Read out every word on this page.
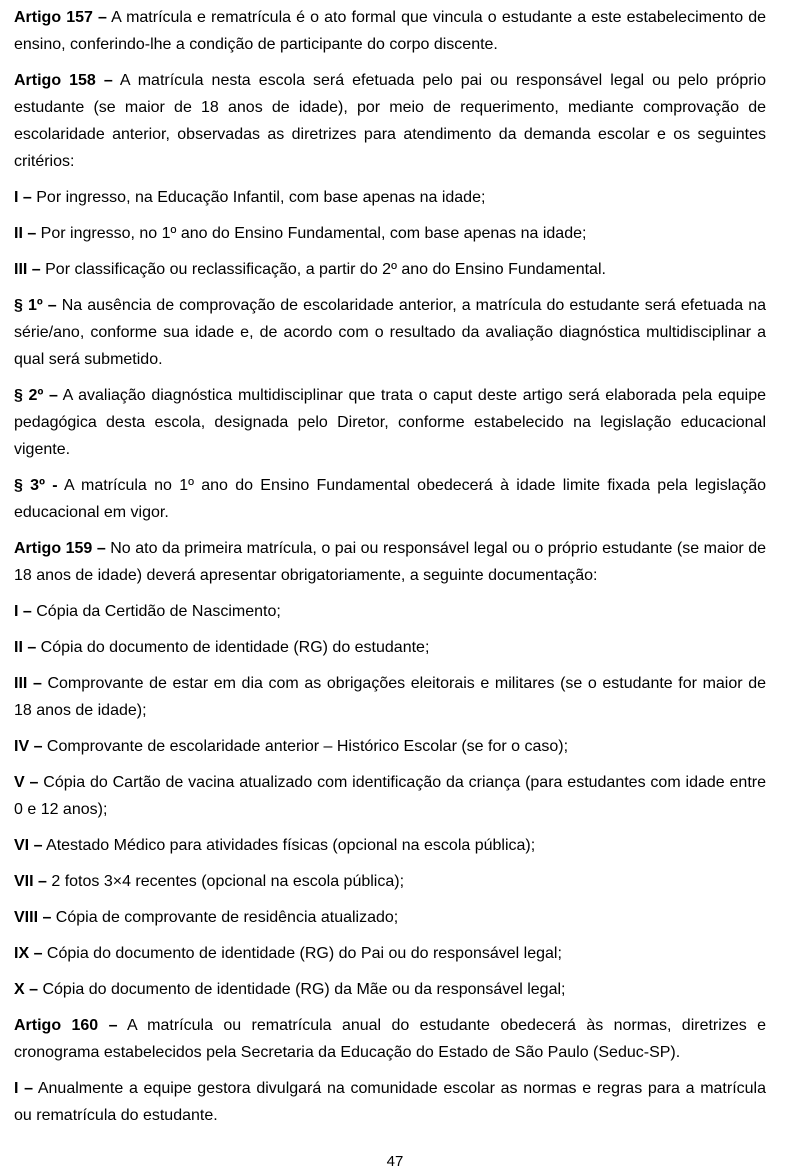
Artigo 157 – A matrícula e rematrícula é o ato formal que vincula o estudante a este estabelecimento de ensino, conferindo-lhe a condição de participante do corpo discente.

Artigo 158 – A matrícula nesta escola será efetuada pelo pai ou responsável legal ou pelo próprio estudante (se maior de 18 anos de idade), por meio de requerimento, mediante comprovação de escolaridade anterior, observadas as diretrizes para atendimento da demanda escolar e os seguintes critérios:

I – Por ingresso, na Educação Infantil, com base apenas na idade;

II – Por ingresso, no 1º ano do Ensino Fundamental, com base apenas na idade;

III – Por classificação ou reclassificação, a partir do 2º ano do Ensino Fundamental.

§ 1º – Na ausência de comprovação de escolaridade anterior, a matrícula do estudante será efetuada na série/ano, conforme sua idade e, de acordo com o resultado da avaliação diagnóstica multidisciplinar a qual será submetido.

§ 2º – A avaliação diagnóstica multidisciplinar que trata o caput deste artigo será elaborada pela equipe pedagógica desta escola, designada pelo Diretor, conforme estabelecido na legislação educacional vigente.

§ 3º - A matrícula no 1º ano do Ensino Fundamental obedecerá à idade limite fixada pela legislação educacional em vigor.

Artigo 159 – No ato da primeira matrícula, o pai ou responsável legal ou o próprio estudante (se maior de 18 anos de idade) deverá apresentar obrigatoriamente, a seguinte documentação:

I – Cópia da Certidão de Nascimento;

II – Cópia do documento de identidade (RG) do estudante;

III – Comprovante de estar em dia com as obrigações eleitorais e militares (se o estudante for maior de 18 anos de idade);

IV – Comprovante de escolaridade anterior – Histórico Escolar (se for o caso);

V – Cópia do Cartão de vacina atualizado com identificação da criança (para estudantes com idade entre 0 e 12 anos);

VI – Atestado Médico para atividades físicas (opcional na escola pública);

VII – 2 fotos 3×4 recentes (opcional na escola pública);

VIII – Cópia de comprovante de residência atualizado;

IX – Cópia do documento de identidade (RG) do Pai ou do responsável legal;

X – Cópia do documento de identidade (RG) da Mãe ou da responsável legal;

Artigo 160 – A matrícula ou rematrícula anual do estudante obedecerá às normas, diretrizes e cronograma estabelecidos pela Secretaria da Educação do Estado de São Paulo (Seduc-SP).

I – Anualmente a equipe gestora divulgará na comunidade escolar as normas e regras para a matrícula ou rematrícula do estudante.

47
